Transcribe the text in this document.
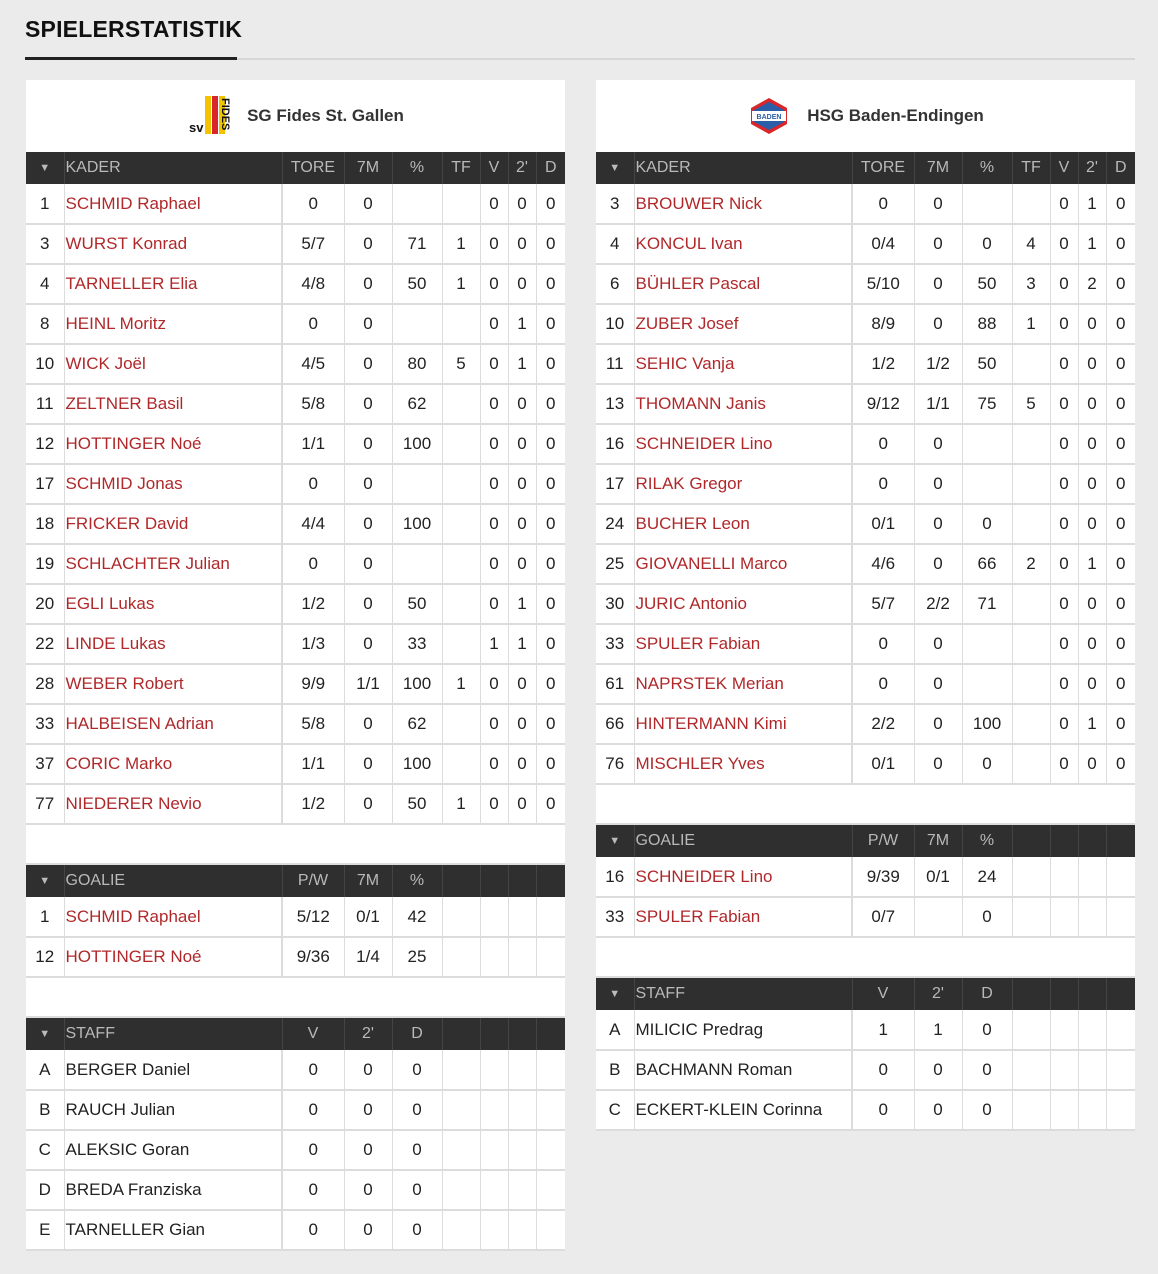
SPIELERSTATISTIK
sv FIDES SG Fides St. Gallen
▼	KADER	TORE	7M	%	TF	V	2'	D
1	SCHMID Raphael	0	0			0	0	0
3	WURST Konrad	5/7	0	71	1	0	0	0
4	TARNELLER Elia	4/8	0	50	1	0	0	0
8	HEINL Moritz	0	0			0	1	0
10	WICK Joël	4/5	0	80	5	0	1	0
11	ZELTNER Basil	5/8	0	62		0	0	0
12	HOTTINGER Noé	1/1	0	100		0	0	0
17	SCHMID Jonas	0	0			0	0	0
18	FRICKER David	4/4	0	100		0	0	0
19	SCHLACHTER Julian	0	0			0	0	0
20	EGLI Lukas	1/2	0	50		0	1	0
22	LINDE Lukas	1/3	0	33		1	1	0
28	WEBER Robert	9/9	1/1	100	1	0	0	0
33	HALBEISEN Adrian	5/8	0	62		0	0	0
37	CORIC Marko	1/1	0	100		0	0	0
77	NIEDERER Nevio	1/2	0	50	1	0	0	0

▼	GOALIE	P/W	7M	%				
1	SCHMID Raphael	5/12	0/1	42				
12	HOTTINGER Noé	9/36	1/4	25				

▼	STAFF	V	2'	D				
A	BERGER Daniel	0	0	0				
B	RAUCH Julian	0	0	0				
C	ALEKSIC Goran	0	0	0				
D	BREDA Franziska	0	0	0				
E	TARNELLER Gian	0	0	0				
BADEN HSG Baden-Endingen
▼	KADER	TORE	7M	%	TF	V	2'	D
3	BROUWER Nick	0	0			0	1	0
4	KONCUL Ivan	0/4	0	0	4	0	1	0
6	BÜHLER Pascal	5/10	0	50	3	0	2	0
10	ZUBER Josef	8/9	0	88	1	0	0	0
11	SEHIC Vanja	1/2	1/2	50		0	0	0
13	THOMANN Janis	9/12	1/1	75	5	0	0	0
16	SCHNEIDER Lino	0	0			0	0	0
17	RILAK Gregor	0	0			0	0	0
24	BUCHER Leon	0/1	0	0		0	0	0
25	GIOVANELLI Marco	4/6	0	66	2	0	1	0
30	JURIC Antonio	5/7	2/2	71		0	0	0
33	SPULER Fabian	0	0			0	0	0
61	NAPRSTEK Merian	0	0			0	0	0
66	HINTERMANN Kimi	2/2	0	100		0	1	0
76	MISCHLER Yves	0/1	0	0		0	0	0

▼	GOALIE	P/W	7M	%				
16	SCHNEIDER Lino	9/39	0/1	24				
33	SPULER Fabian	0/7		0				

▼	STAFF	V	2'	D				
A	MILICIC Predrag	1	1	0				
B	BACHMANN Roman	0	0	0				
C	ECKERT-KLEIN Corinna	0	0	0				
